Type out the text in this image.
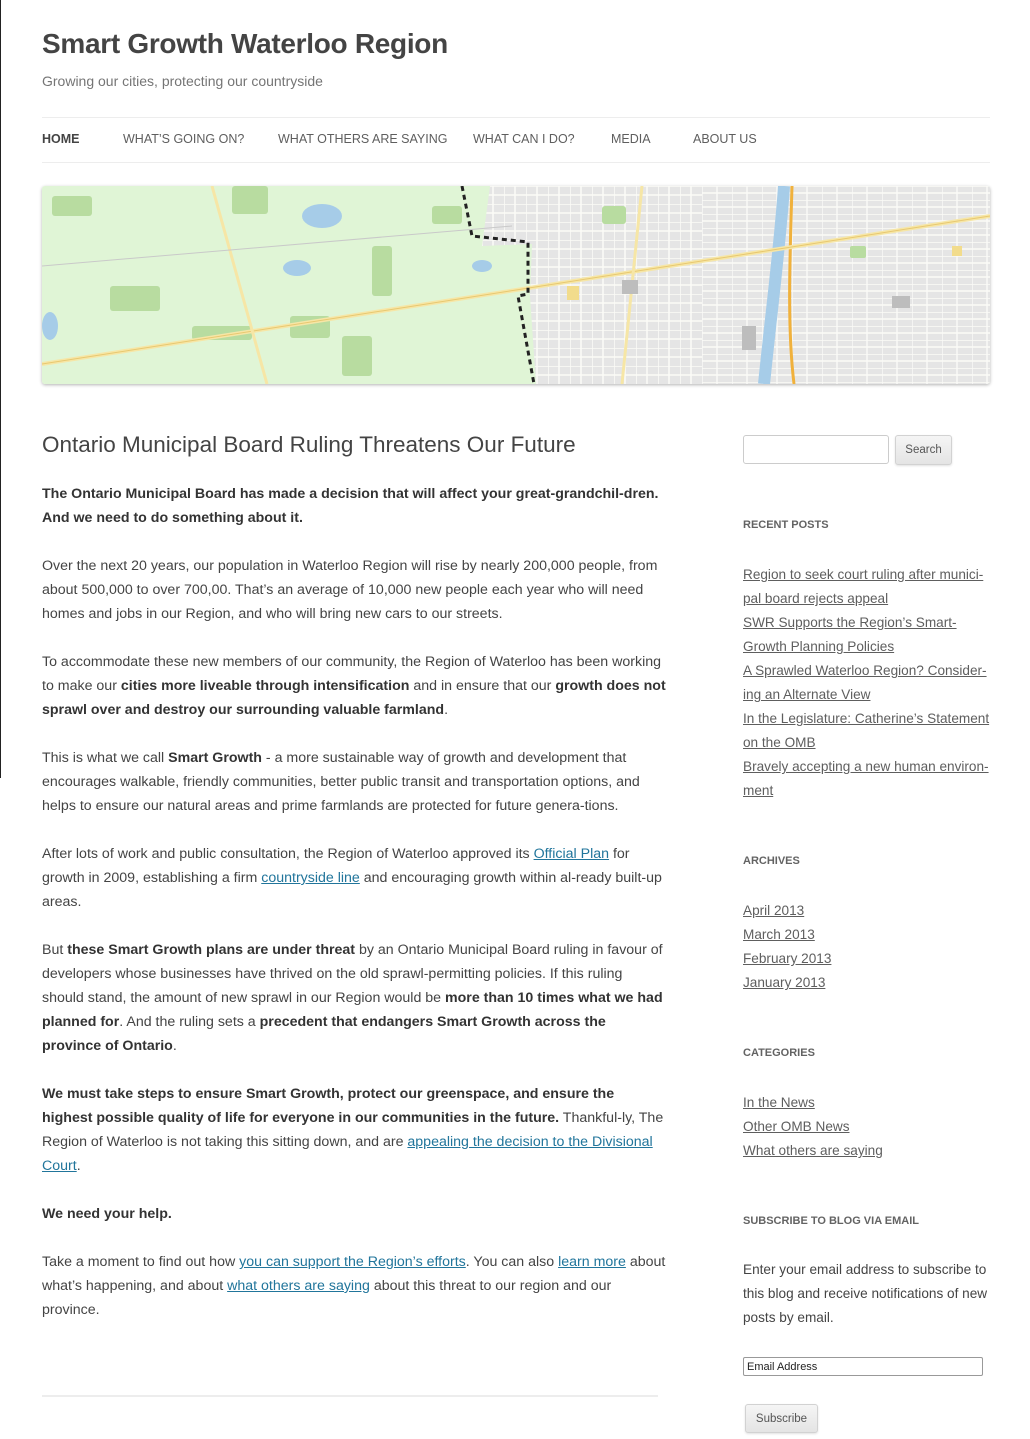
Smart Growth Waterloo Region
Growing our cities, protecting our countryside
HOME	WHAT’S GOING ON?	WHAT OTHERS ARE SAYING WHAT CAN I DO?	MEDIA	ABOUT US
Ontario Municipal Board Ruling Threatens Our Future

The Ontario Municipal Board has made a decision that will affect your great-grandchil-dren. And we need to do something about it.

Over the next 20 years, our population in Waterloo Region will rise by nearly 200,000 people, from about 500,000 to over 700,00. That’s an average of 10,000 new people each year who will need homes and jobs in our Region, and who will bring new cars to our streets.

To accommodate these new members of our community, the Region of Waterloo has been working to make our cities more liveable through intensification and in ensure that our growth does not sprawl over and destroy our surrounding valuable farmland.

This is what we call Smart Growth - a more sustainable way of growth and development that encourages walkable, friendly communities, better public transit and transportation options, and helps to ensure our natural areas and prime farmlands are protected for future genera-tions.

After lots of work and public consultation, the Region of Waterloo approved its Official Plan for growth in 2009, establishing a firm countryside line and encouraging growth within al-ready built-up areas.

But these Smart Growth plans are under threat by an Ontario Municipal Board ruling in favour of developers whose businesses have thrived on the old sprawl-permitting policies. If this ruling should stand, the amount of new sprawl in our Region would be more than 10 times what we had planned for. And the ruling sets a precedent that endangers Smart Growth across the province of Ontario.

We must take steps to ensure Smart Growth, protect our greenspace, and ensure the highest possible quality of life for everyone in our communities in the future. Thankful-ly, The Region of Waterloo is not taking this sitting down, and are appealing the decision to the Divisional Court.

We need your help.

Take a moment to find out how you can support the Region’s efforts. You can also learn more about what’s happening, and about what others are saying about this threat to our region and our province.

Search
RECENT POSTS
Region to seek court ruling after munici-pal board rejects appeal
SWR Supports the Region’s Smart-Growth Planning Policies
A Sprawled Waterloo Region? Consider-ing an Alternate View
In the Legislature: Catherine’s Statement on the OMB
Bravely accepting a new human environ-ment
ARCHIVES
April 2013
March 2013
February 2013
January 2013
CATEGORIES
In the News
Other OMB News
What others are saying
SUBSCRIBE TO BLOG VIA EMAIL
Enter your email address to subscribe to this blog and receive notifications of new posts by email.
Email Address
Subscribe
